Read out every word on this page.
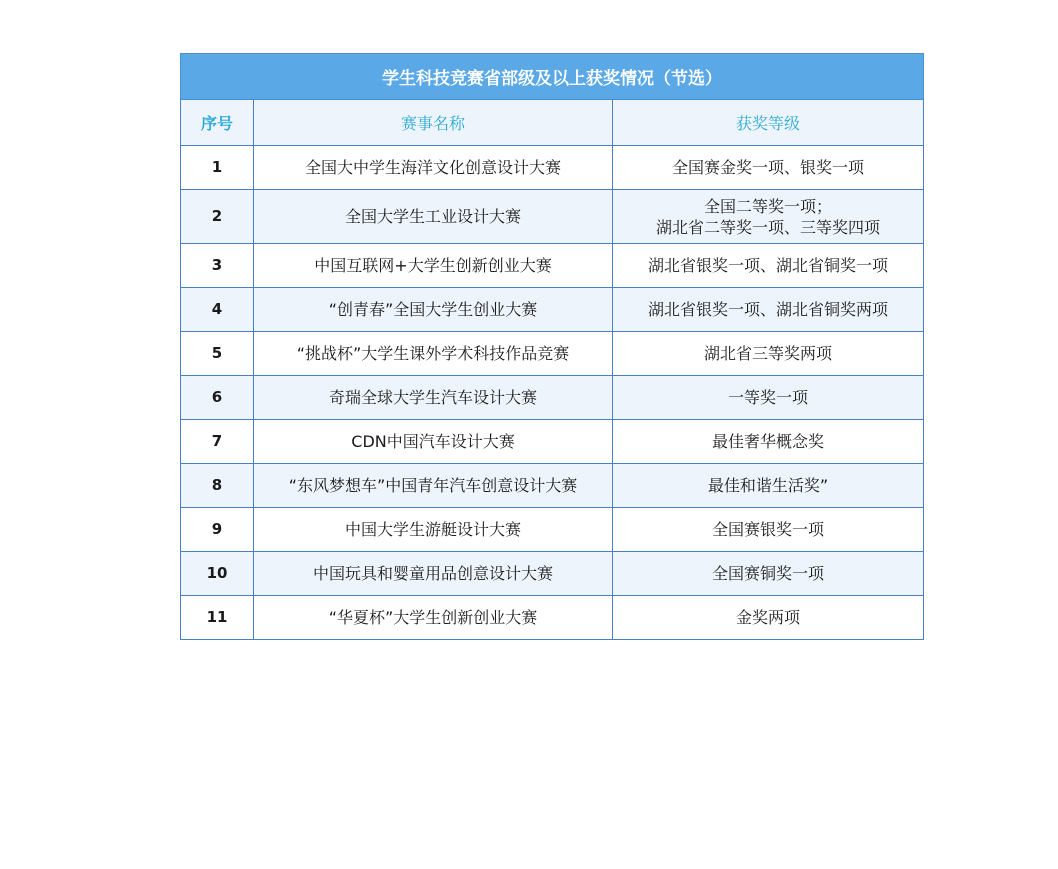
学生科技竞赛省部级及以上获奖情况（节选）		
序号	赛事名称	获奖等级
1	全国大中学生海洋文化创意设计大赛	全国赛金奖一项、银奖一项

2	全国大学生工业设计大赛	全国二等奖一项；
湖北省二等奖一项、三等奖四项

3	中国互联网+大学生创新创业大赛	湖北省银奖一项、湖北省铜奖一项

4	“创青春”全国大学生创业大赛	湖北省银奖一项、湖北省铜奖两项

5	“挑战杯”大学生课外学术科技作品竞赛	湖北省三等奖两项

6	奇瑞全球大学生汽车设计大赛	一等奖一项

7	CDN中国汽车设计大赛	最佳奢华概念奖

8	“东风梦想车”中国青年汽车创意设计大赛	最佳和谐生活奖”

9	中国大学生游艇设计大赛	全国赛银奖一项

10	中国玩具和婴童用品创意设计大赛	全国赛铜奖一项

11	“华夏杯”大学生创新创业大赛	金奖两项
